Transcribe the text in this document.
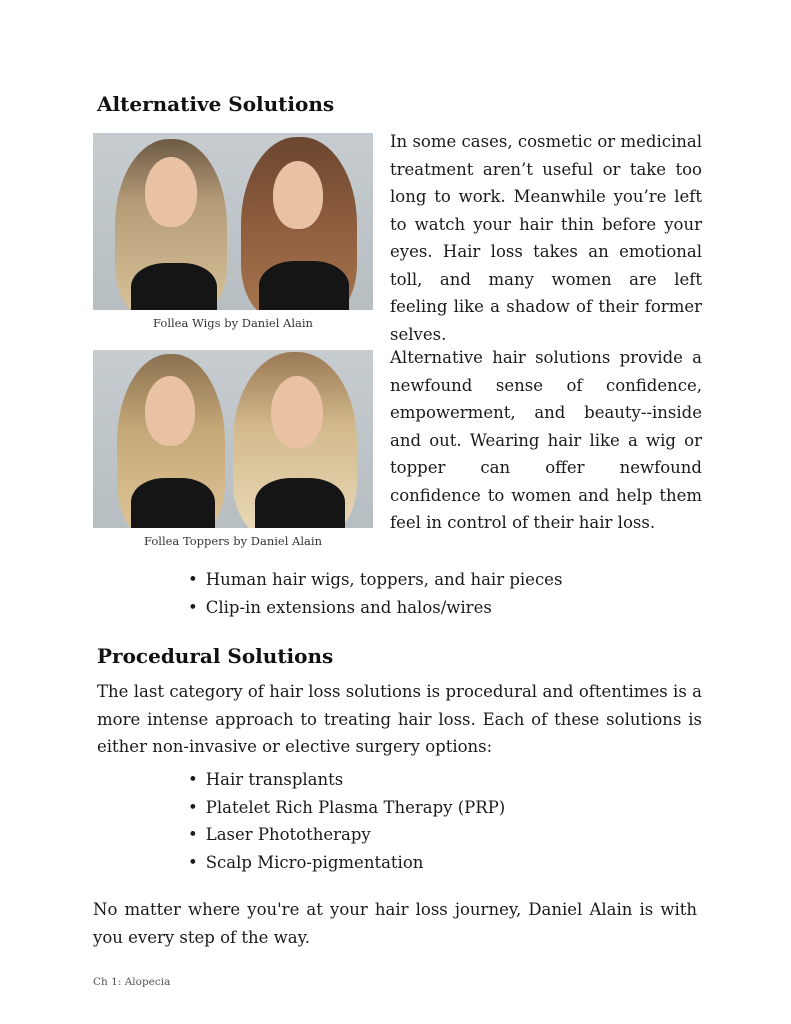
Alternative Solutions
Follea Wigs by Daniel Alain
In some cases, cosmetic or medicinal treatment aren’t useful or take too long to work. Meanwhile you’re left to watch your hair thin before your eyes. Hair loss takes an emotional toll, and many women are left feeling like a shadow of their former selves.
Follea Toppers by Daniel Alain
Alternative hair solutions provide a newfound sense of confidence, empowerment, and beauty--inside and out. Wearing hair like a wig or topper can offer newfound confidence to women and help them feel in control of their hair loss.
• Human hair wigs, toppers, and hair pieces
• Clip-in extensions and halos/wires
Procedural Solutions
The last category of hair loss solutions is procedural and oftentimes is a more intense approach to treating hair loss. Each of these solutions is either non-invasive or elective surgery options:
• Hair transplants
• Platelet Rich Plasma Therapy (PRP)
• Laser Phototherapy
• Scalp Micro-pigmentation
No matter where you're at your hair loss journey, Daniel Alain is with you every step of the way.
Ch 1: Alopecia
